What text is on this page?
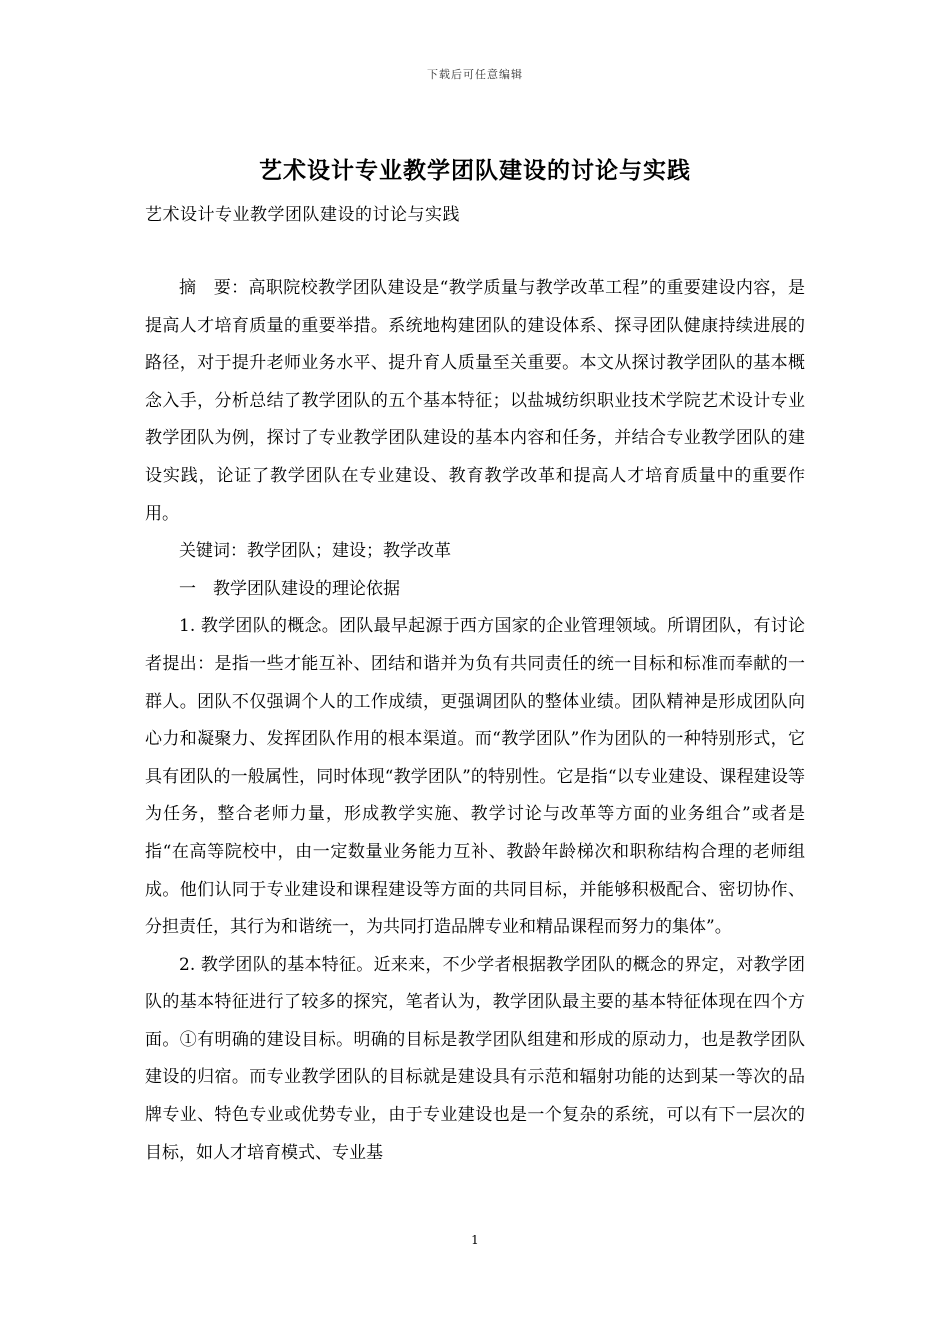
下载后可任意编辑
艺术设计专业教学团队建设的讨论与实践
艺术设计专业教学团队建设的讨论与实践

摘　要：高职院校教学团队建设是“教学质量与教学改革工程”的重要建设内容，是提高人才培育质量的重要举措。系统地构建团队的建设体系、探寻团队健康持续进展的路径，对于提升老师业务水平、提升育人质量至关重要。本文从探讨教学团队的基本概念入手，分析总结了教学团队的五个基本特征；以盐城纺织职业技术学院艺术设计专业教学团队为例，探讨了专业教学团队建设的基本内容和任务，并结合专业教学团队的建设实践，论证了教学团队在专业建设、教育教学改革和提高人才培育质量中的重要作用。

关键词：教学团队；建设；教学改革

一　教学团队建设的理论依据

1. 教学团队的概念。团队最早起源于西方国家的企业管理领域。所谓团队，有讨论者提出：是指一些才能互补、团结和谐并为负有共同责任的统一目标和标准而奉献的一群人。团队不仅强调个人的工作成绩，更强调团队的整体业绩。团队精神是形成团队向心力和凝聚力、发挥团队作用的根本渠道。而“教学团队”作为团队的一种特别形式，它具有团队的一般属性，同时体现“教学团队”的特别性。它是指“以专业建设、课程建设等为任务，整合老师力量，形成教学实施、教学讨论与改革等方面的业务组合”或者是指“在高等院校中，由一定数量业务能力互补、教龄年龄梯次和职称结构合理的老师组成。他们认同于专业建设和课程建设等方面的共同目标，并能够积极配合、密切协作、分担责任，其行为和谐统一，为共同打造品牌专业和精品课程而努力的集体”。

2. 教学团队的基本特征。近来来，不少学者根据教学团队的概念的界定，对教学团队的基本特征进行了较多的探究，笔者认为，教学团队最主要的基本特征体现在四个方面。①有明确的建设目标。明确的目标是教学团队组建和形成的原动力，也是教学团队建设的归宿。而专业教学团队的目标就是建设具有示范和辐射功能的达到某一等次的品牌专业、特色专业或优势专业，由于专业建设也是一个复杂的系统，可以有下一层次的目标，如人才培育模式、专业基

1
